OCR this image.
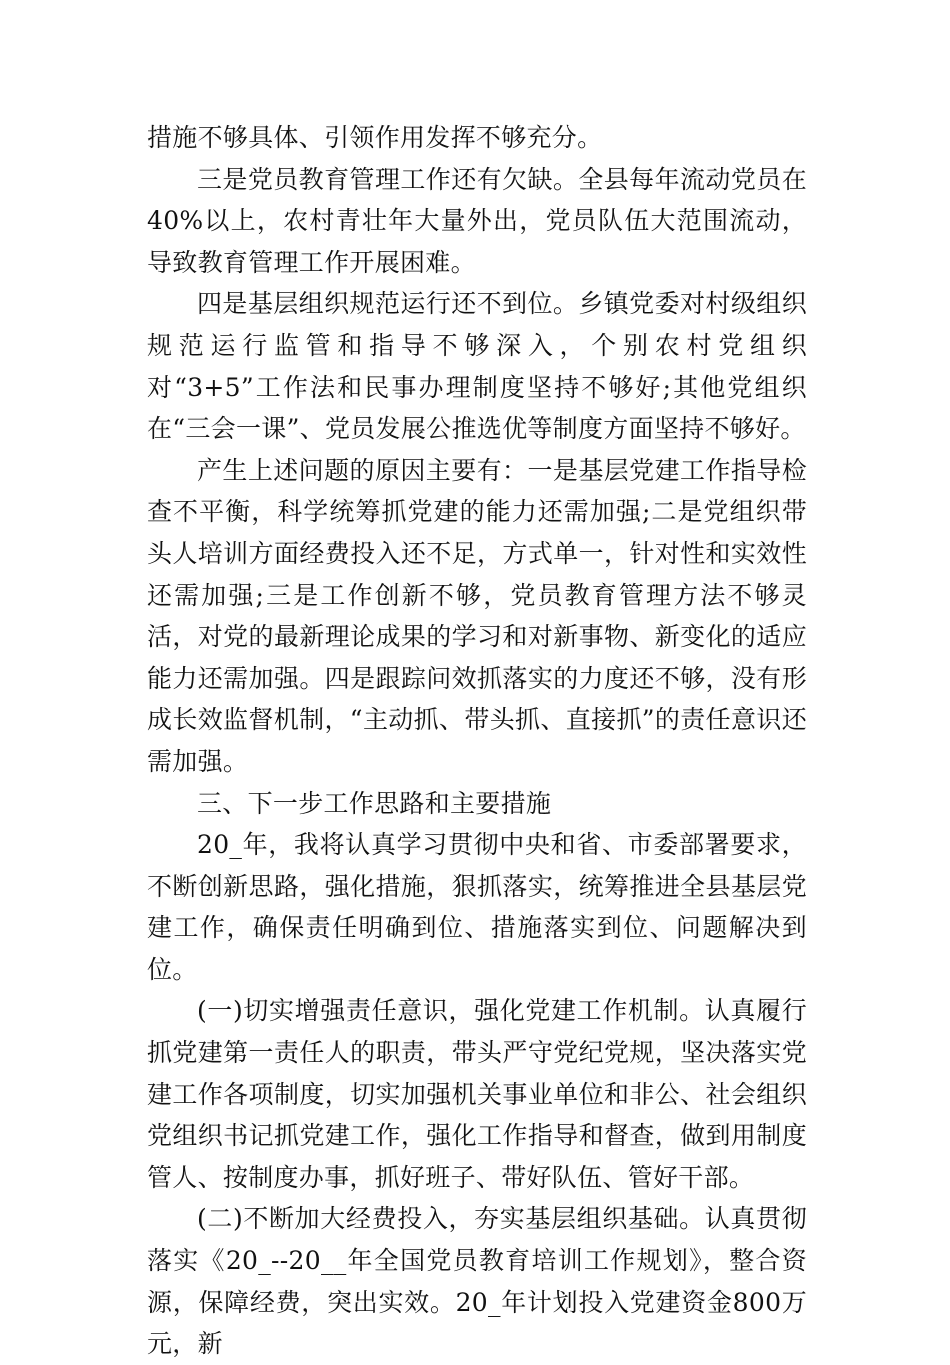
措施不够具体、引领作用发挥不够充分。

三是党员教育管理工作还有欠缺。全县每年流动党员在40%以上，农村青壮年大量外出，党员队伍大范围流动，导致教育管理工作开展困难。

四是基层组织规范运行还不到位。乡镇党委对村级组织规范运行监管和指导不够深入，个别农村党组织对“3+5”工作法和民事办理制度坚持不够好;其他党组织在“三会一课”、党员发展公推选优等制度方面坚持不够好。

产生上述问题的原因主要有：一是基层党建工作指导检查不平衡，科学统筹抓党建的能力还需加强;二是党组织带头人培训方面经费投入还不足，方式单一，针对性和实效性还需加强;三是工作创新不够，党员教育管理方法不够灵活，对党的最新理论成果的学习和对新事物、新变化的适应能力还需加强。四是跟踪问效抓落实的力度还不够，没有形成长效监督机制，“主动抓、带头抓、直接抓”的责任意识还需加强。

三、下一步工作思路和主要措施

20_年，我将认真学习贯彻中央和省、市委部署要求，不断创新思路，强化措施，狠抓落实，统筹推进全县基层党建工作，确保责任明确到位、措施落实到位、问题解决到位。

(一)切实增强责任意识，强化党建工作机制。认真履行抓党建第一责任人的职责，带头严守党纪党规，坚决落实党建工作各项制度，切实加强机关事业单位和非公、社会组织党组织书记抓党建工作，强化工作指导和督查，做到用制度管人、按制度办事，抓好班子、带好队伍、管好干部。

(二)不断加大经费投入，夯实基层组织基础。认真贯彻落实《20_--20__年全国党员教育培训工作规划》，整合资源，保障经费，突出实效。20_年计划投入党建资金800万元，新
